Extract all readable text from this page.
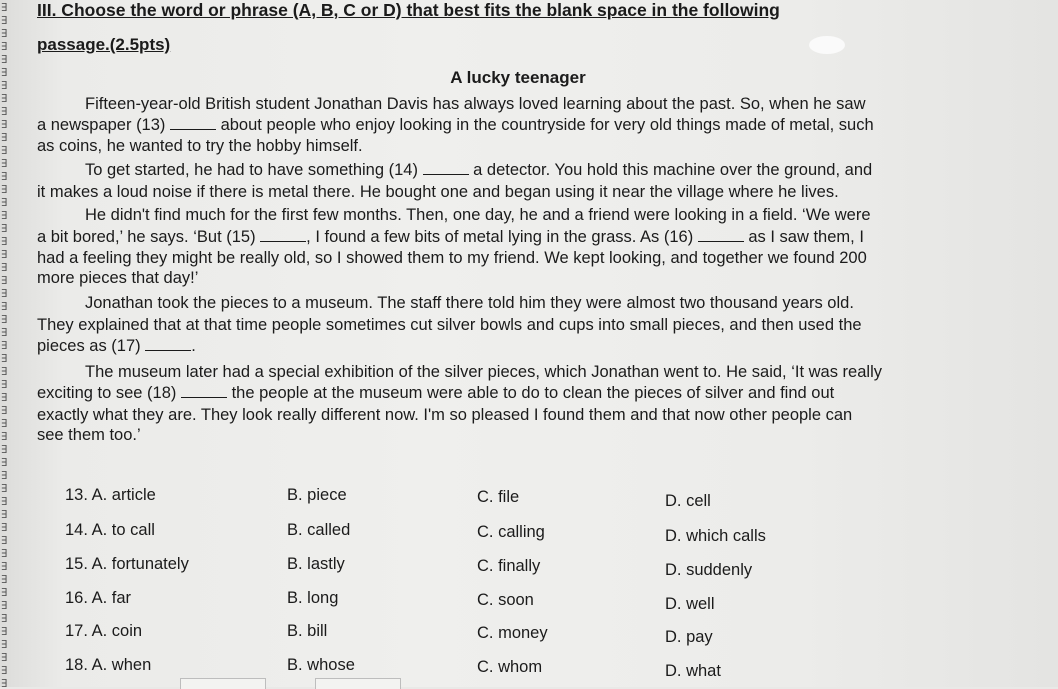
∃
∃
∃
∃
∃
∃
∃
∃
∃
∃
∃
∃
∃
∃
∃
∃
∃
∃
∃
∃
∃
∃
∃
∃
∃
∃
∃
∃
∃
∃
∃
∃
∃
∃
∃
∃
∃
∃
∃
∃
∃
∃
∃
∃
∃
∃
∃
∃
∃
∃
∃
∃
∃
III. Choose the word or phrase (A, B, C or D) that best fits the blank space in the following
passage.(2.5pts)
A lucky teenager
Fifteen-year-old British student Jonathan Davis has always loved learning about the past. So, when he saw
a newspaper (13)	about people who enjoy looking in the countryside for very old things made of metal, such
as coins, he wanted to try the hobby himself.
To get started, he had to have something (14)	a detector. You hold this machine over the ground, and
it makes a loud noise if there is metal there. He bought one and began using it near the village where he lives.
He didn't find much for the first few months. Then, one day, he and a friend were looking in a field. ‘We were
a bit bored,’ he says. ‘But (15)	, I found a few bits of metal lying in the grass. As (16)	as I saw them, I
had a feeling they might be really old, so I showed them to my friend. We kept looking, and together we found 200
more pieces that day!’
Jonathan took the pieces to a museum. The staff there told him they were almost two thousand years old.
They explained that at that time people sometimes cut silver bowls and cups into small pieces, and then used the
pieces as (17)	.
The museum later had a special exhibition of the silver pieces, which Jonathan went to. He said, ‘It was really
exciting to see (18)	the people at the museum were able to do to clean the pieces of silver and find out
exactly what they are. They look really different now. I'm so pleased I found them and that now other people can
see them too.’
13. A. article	B. piece	C. file	D. cell
14. A. to call	B. called	C. calling	D. which calls
15. A. fortunately	B. lastly	C. finally	D. suddenly
16. A. far	B. long	C. soon	D. well
17. A. coin	B. bill	C. money	D. pay
18. A. when	B. whose	C. whom	D. what
